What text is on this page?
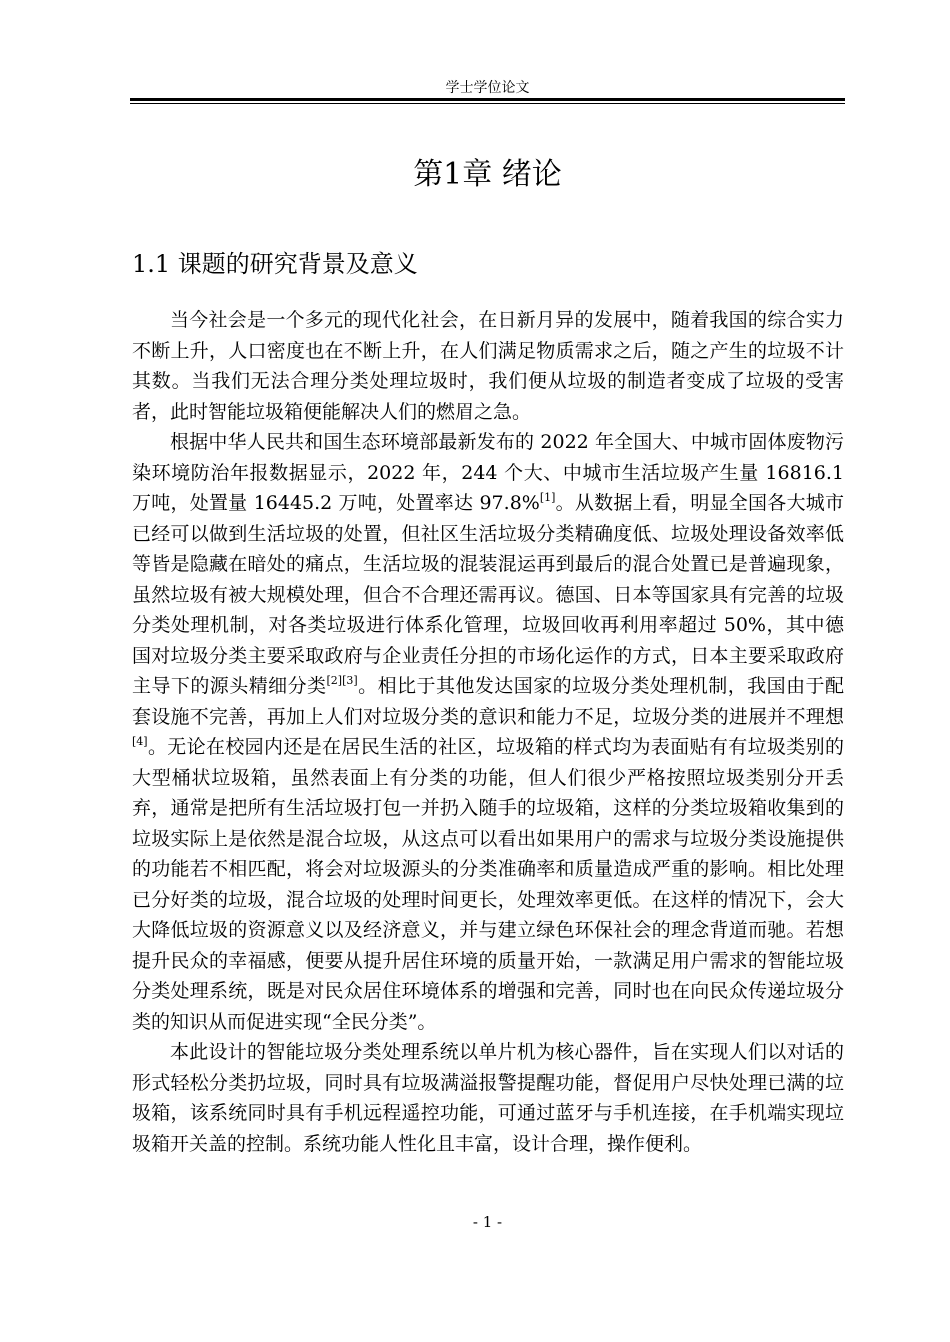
学士学位论文
第1章 绪论
1.1 课题的研究背景及意义

当今社会是一个多元的现代化社会，在日新月异的发展中，随着我国的综合实力不断上升，人口密度也在不断上升，在人们满足物质需求之后，随之产生的垃圾不计其数。当我们无法合理分类处理垃圾时，我们便从垃圾的制造者变成了垃圾的受害者，此时智能垃圾箱便能解决人们的燃眉之急。

根据中华人民共和国生态环境部最新发布的 2022 年全国大、中城市固体废物污染环境防治年报数据显示，2022 年，244 个大、中城市生活垃圾产生量 16816.1 万吨，处置量 16445.2 万吨，处置率达 97.8%[1]。从数据上看，明显全国各大城市已经可以做到生活垃圾的处置，但社区生活垃圾分类精确度低、垃圾处理设备效率低等皆是隐藏在暗处的痛点，生活垃圾的混装混运再到最后的混合处置已是普遍现象，虽然垃圾有被大规模处理，但合不合理还需再议。德国、日本等国家具有完善的垃圾分类处理机制，对各类垃圾进行体系化管理，垃圾回收再利用率超过 50%，其中德国对垃圾分类主要采取政府与企业责任分担的市场化运作的方式，日本主要采取政府主导下的源头精细分类[2][3]。相比于其他发达国家的垃圾分类处理机制，我国由于配套设施不完善，再加上人们对垃圾分类的意识和能力不足，垃圾分类的进展并不理想[4]。无论在校园内还是在居民生活的社区，垃圾箱的样式均为表面贴有有垃圾类别的大型桶状垃圾箱，虽然表面上有分类的功能，但人们很少严格按照垃圾类别分开丢弃，通常是把所有生活垃圾打包一并扔入随手的垃圾箱，这样的分类垃圾箱收集到的垃圾实际上是依然是混合垃圾，从这点可以看出如果用户的需求与垃圾分类设施提供的功能若不相匹配，将会对垃圾源头的分类准确率和质量造成严重的影响。相比处理已分好类的垃圾，混合垃圾的处理时间更长，处理效率更低。在这样的情况下，会大大降低垃圾的资源意义以及经济意义，并与建立绿色环保社会的理念背道而驰。若想提升民众的幸福感，便要从提升居住环境的质量开始，一款满足用户需求的智能垃圾分类处理系统，既是对民众居住环境体系的增强和完善，同时也在向民众传递垃圾分类的知识从而促进实现“全民分类”。

本此设计的智能垃圾分类处理系统以单片机为核心器件，旨在实现人们以对话的形式轻松分类扔垃圾，同时具有垃圾满溢报警提醒功能，督促用户尽快处理已满的垃圾箱，该系统同时具有手机远程遥控功能，可通过蓝牙与手机连接，在手机端实现垃圾箱开关盖的控制。系统功能人性化且丰富，设计合理，操作便利。

- 1 -
